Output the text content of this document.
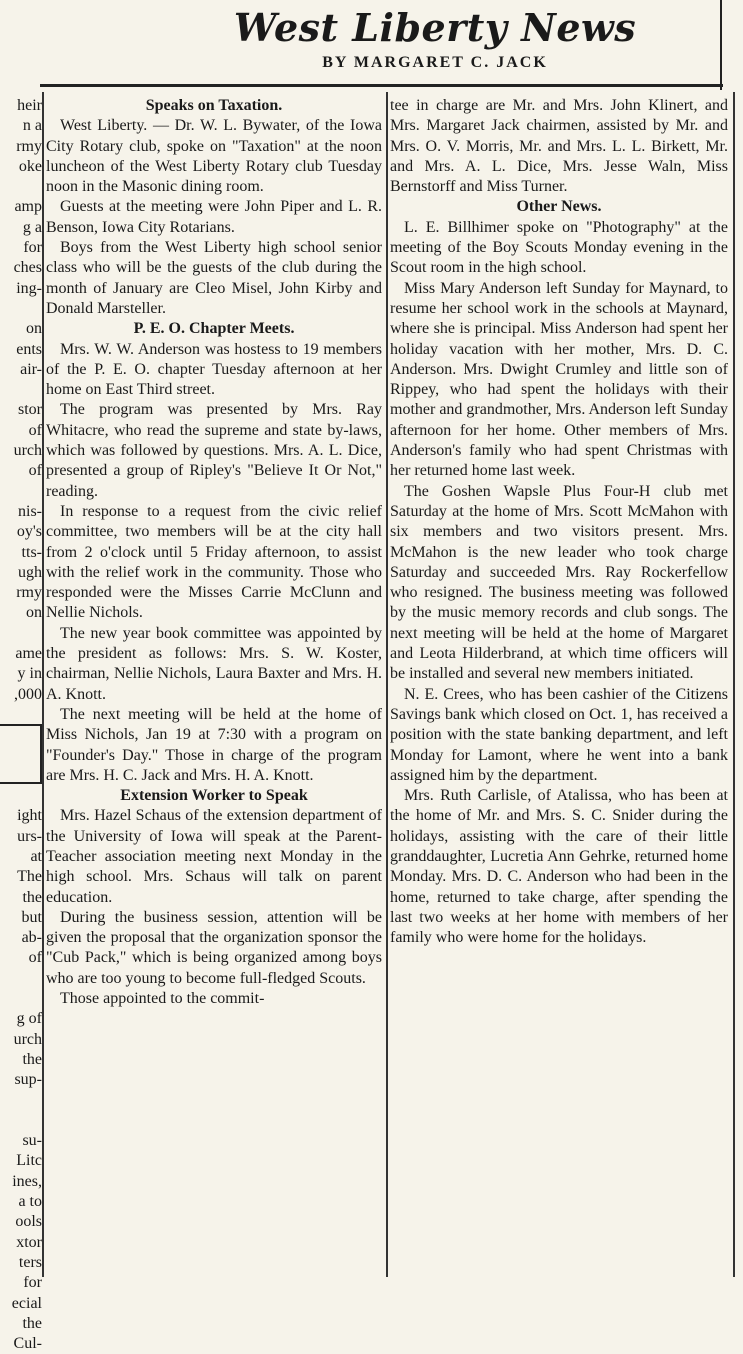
West Liberty News
BY MARGARET C. JACK
heir
n a
rmy
oke
amp
g a
for
ches
ing-
on
ents
air-
stor
of
urch
of
nis-
oy's
tts-
ugh
rmy
on
ame
y in
,000
ight
urs-
at
The
the
but
ab-
of
g of
urch
the
sup-
su-
Litc
ines,
a to
ools
xtor
ters
for
ecial
the
Cul-
Speaks on Taxation.

West Liberty. — Dr. W. L. Bywater, of the Iowa City Rotary club, spoke on "Taxation" at the noon luncheon of the West Liberty Rotary club Tuesday noon in the Masonic dining room.

Guests at the meeting were John Piper and L. R. Benson, Iowa City Rotarians.

Boys from the West Liberty high school senior class who will be the guests of the club during the month of January are Cleo Misel, John Kirby and Donald Marsteller.

P. E. O. Chapter Meets.

Mrs. W. W. Anderson was hostess to 19 members of the P. E. O. chapter Tuesday afternoon at her home on East Third street.

The program was presented by Mrs. Ray Whitacre, who read the supreme and state by-laws, which was followed by questions. Mrs. A. L. Dice, presented a group of Ripley's "Believe It Or Not," reading.

In response to a request from the civic relief committee, two members will be at the city hall from 2 o'clock until 5 Friday afternoon, to assist with the relief work in the community. Those who responded were the Misses Carrie McClunn and Nellie Nichols.

The new year book committee was appointed by the president as follows: Mrs. S. W. Koster, chairman, Nellie Nichols, Laura Baxter and Mrs. H. A. Knott.

The next meeting will be held at the home of Miss Nichols, Jan 19 at 7:30 with a program on "Founder's Day." Those in charge of the program are Mrs. H. C. Jack and Mrs. H. A. Knott.

Extension Worker to Speak

Mrs. Hazel Schaus of the extension department of the University of Iowa will speak at the Parent-Teacher association meeting next Monday in the high school. Mrs. Schaus will talk on parent education.

During the business session, attention will be given the proposal that the organization sponsor the "Cub Pack," which is being organized among boys who are too young to become full-fledged Scouts.

Those appointed to the commit-

tee in charge are Mr. and Mrs. John Klinert, and Mrs. Margaret Jack chairmen, assisted by Mr. and Mrs. O. V. Morris, Mr. and Mrs. L. L. Birkett, Mr. and Mrs. A. L. Dice, Mrs. Jesse Waln, Miss Bernstorff and Miss Turner.

Other News.

L. E. Billhimer spoke on "Photography" at the meeting of the Boy Scouts Monday evening in the Scout room in the high school.

Miss Mary Anderson left Sunday for Maynard, to resume her school work in the schools at Maynard, where she is principal. Miss Anderson had spent her holiday vacation with her mother, Mrs. D. C. Anderson. Mrs. Dwight Crumley and little son of Rippey, who had spent the holidays with their mother and grandmother, Mrs. Anderson left Sunday afternoon for her home. Other members of Mrs. Anderson's family who had spent Christmas with her returned home last week.

The Goshen Wapsle Plus Four-H club met Saturday at the home of Mrs. Scott McMahon with six members and two visitors present. Mrs. McMahon is the new leader who took charge Saturday and succeeded Mrs. Ray Rockerfellow who resigned. The business meeting was followed by the music memory records and club songs. The next meeting will be held at the home of Margaret and Leota Hilderbrand, at which time officers will be installed and several new members initiated.

N. E. Crees, who has been cashier of the Citizens Savings bank which closed on Oct. 1, has received a position with the state banking department, and left Monday for Lamont, where he went into a bank assigned him by the department.

Mrs. Ruth Carlisle, of Atalissa, who has been at the home of Mr. and Mrs. S. C. Snider during the holidays, assisting with the care of their little granddaughter, Lucretia Ann Gehrke, returned home Monday. Mrs. D. C. Anderson who had been in the home, returned to take charge, after spending the last two weeks at her home with members of her family who were home for the holidays.
